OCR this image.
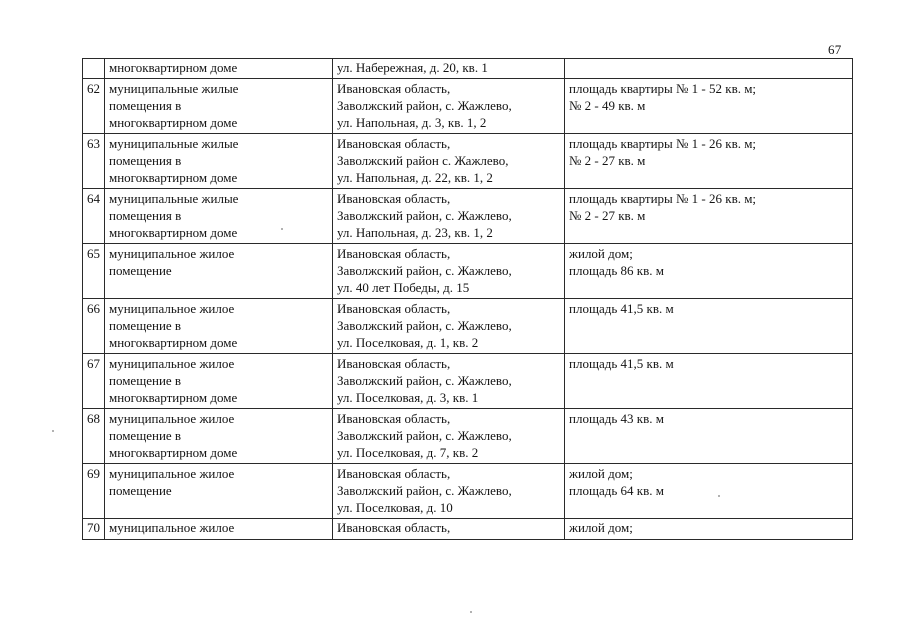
67

	многоквартирном доме	ул. Набережная, д. 20, кв. 1	

62	муниципальные жилые
помещения в
многоквартирном доме	Ивановская область,
Заволжский район, с. Жажлево,
ул. Напольная, д. 3, кв. 1, 2	площадь квартиры № 1 - 52 кв. м;
№ 2 - 49 кв. м

63	муниципальные жилые
помещения в
многоквартирном доме	Ивановская область,
Заволжский район с. Жажлево,
ул. Напольная, д. 22, кв. 1, 2	площадь квартиры № 1 - 26 кв. м;
№ 2 - 27 кв. м

64	муниципальные жилые
помещения в
многоквартирном доме	Ивановская область,
Заволжский район, с. Жажлево,
ул. Напольная, д. 23, кв. 1, 2	площадь квартиры № 1 - 26 кв. м;
№ 2 - 27 кв. м

65	муниципальное жилое
помещение	Ивановская область,
Заволжский район, с. Жажлево,
ул. 40 лет Победы, д. 15	жилой дом;
площадь 86 кв. м

66	муниципальное жилое
помещение в
многоквартирном доме	Ивановская область,
Заволжский район, с. Жажлево,
ул. Поселковая, д. 1, кв. 2	площадь 41,5 кв. м

67	муниципальное жилое
помещение в
многоквартирном доме	Ивановская область,
Заволжский район, с. Жажлево,
ул. Поселковая, д. 3, кв. 1	площадь 41,5 кв. м

68	муниципальное жилое
помещение в
многоквартирном доме	Ивановская область,
Заволжский район, с. Жажлево,
ул. Поселковая, д. 7, кв. 2	площадь 43 кв. м

69	муниципальное жилое
помещение	Ивановская область,
Заволжский район, с. Жажлево,
ул. Поселковая, д. 10	жилой дом;
площадь 64 кв. м

70	муниципальное жилое	Ивановская область,	жилой дом;
